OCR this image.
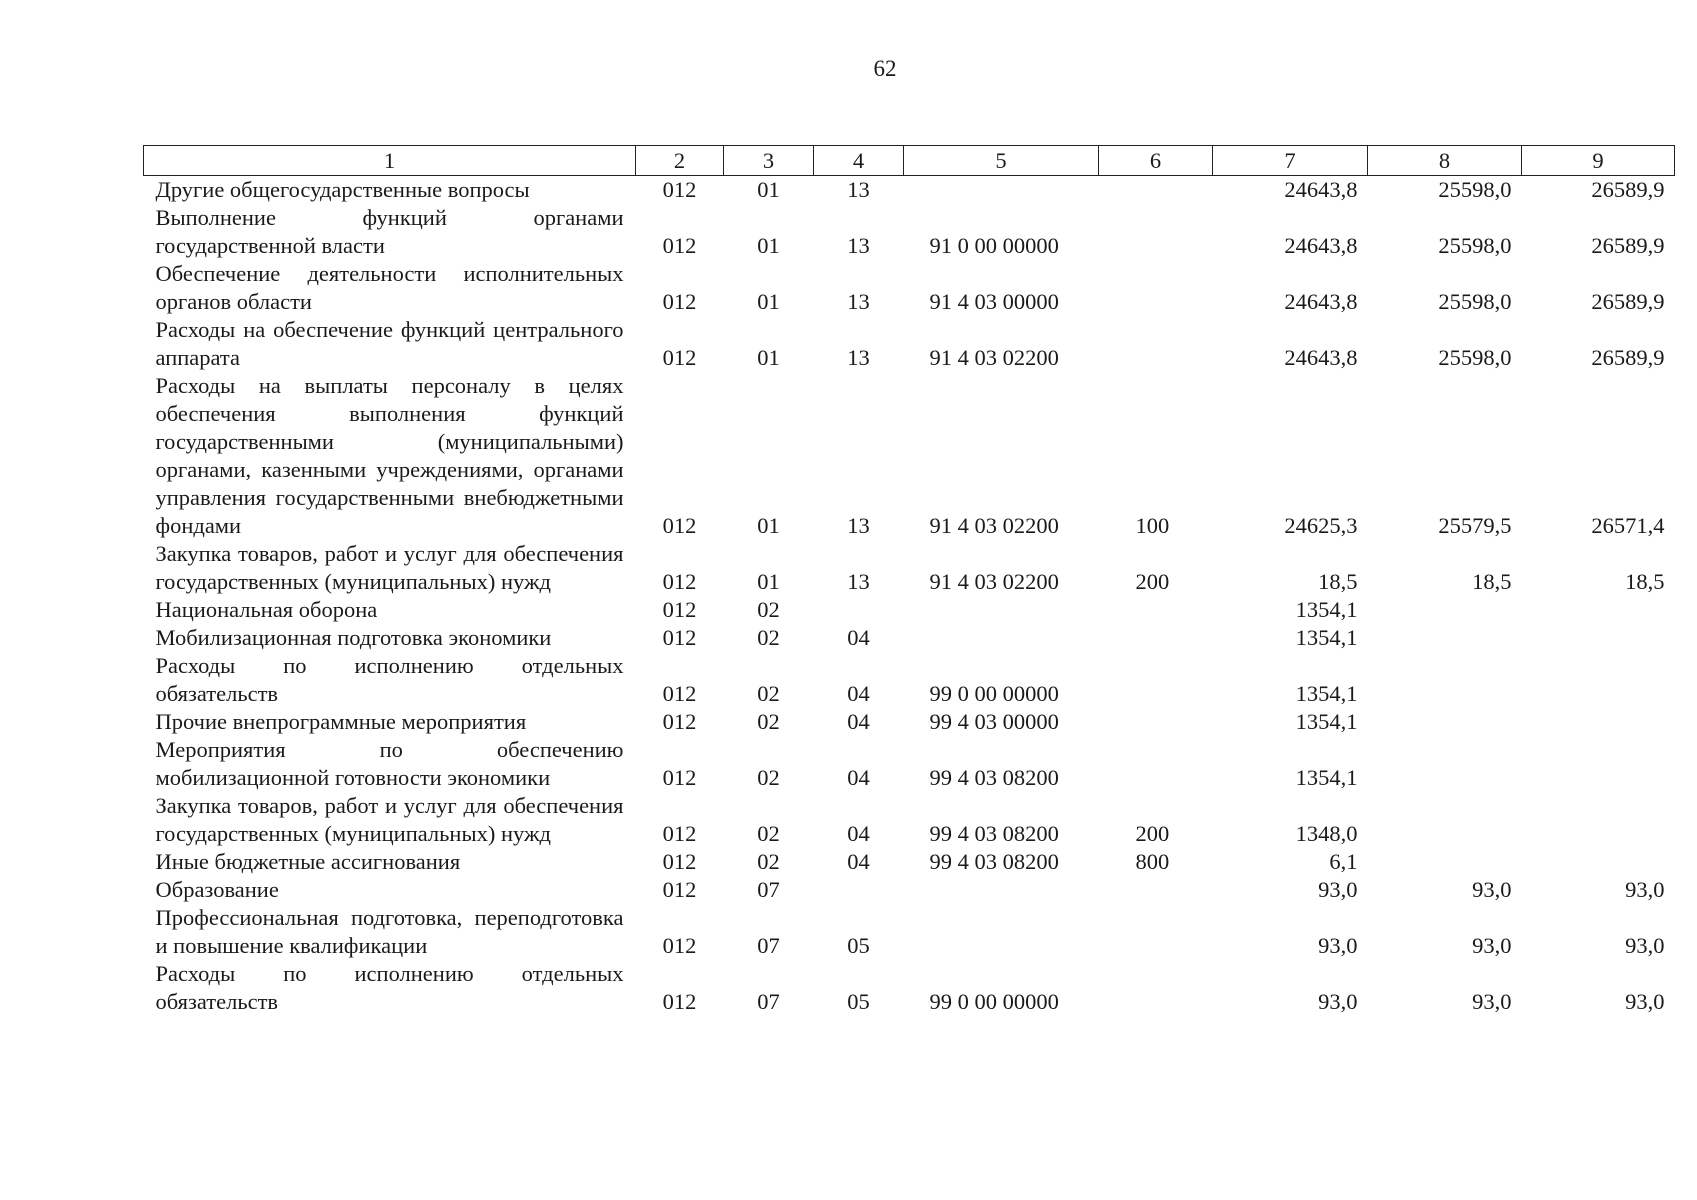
62
1	2	3	4	5	6	7	8	9
Другие общегосударственные вопросы	012	01	13			24643,8	25598,0	26589,9
Выполнение функций органами государственной власти	012	01	13	91 0 00 00000		24643,8	25598,0	26589,9
Обеспечение деятельности исполнительных органов области	012	01	13	91 4 03 00000		24643,8	25598,0	26589,9
Расходы на обеспечение функций центрального аппарата	012	01	13	91 4 03 02200		24643,8	25598,0	26589,9
Расходы на выплаты персоналу в целях обеспечения выполнения функций государственными (муниципальными) органами, казенными учреждениями, органами управления государственными внебюджетными фондами	012	01	13	91 4 03 02200	100	24625,3	25579,5	26571,4
Закупка товаров, работ и услуг для обеспечения государственных (муниципальных) нужд	012	01	13	91 4 03 02200	200	18,5	18,5	18,5
Национальная оборона	012	02				1354,1		
Мобилизационная подготовка экономики	012	02	04			1354,1		
Расходы по исполнению отдельных обязательств	012	02	04	99 0 00 00000		1354,1		
Прочие внепрограммные мероприятия	012	02	04	99 4 03 00000		1354,1		
Мероприятия по обеспечению мобилизационной готовности экономики	012	02	04	99 4 03 08200		1354,1		
Закупка товаров, работ и услуг для обеспечения государственных (муниципальных) нужд	012	02	04	99 4 03 08200	200	1348,0		
Иные бюджетные ассигнования	012	02	04	99 4 03 08200	800	6,1		
Образование	012	07				93,0	93,0	93,0
Профессиональная подготовка, переподготовка и повышение квалификации	012	07	05			93,0	93,0	93,0
Расходы по исполнению отдельных обязательств	012	07	05	99 0 00 00000		93,0	93,0	93,0
